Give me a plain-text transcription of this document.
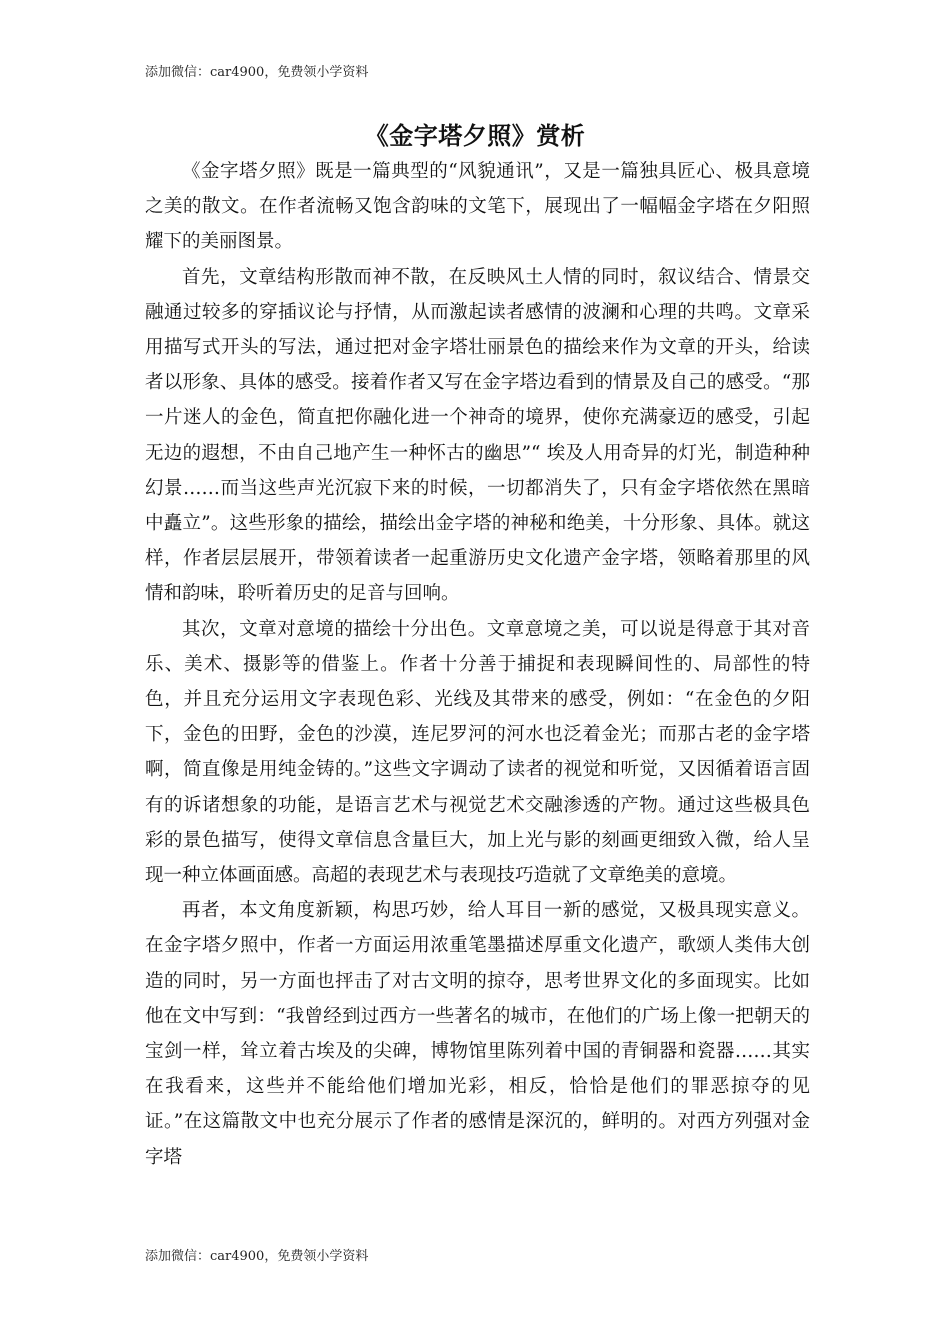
添加微信：car4900，免费领小学资料
《金字塔夕照》赏析

《金字塔夕照》既是一篇典型的“风貌通讯”，又是一篇独具匠心、极具意境之美的散文。在作者流畅又饱含韵味的文笔下，展现出了一幅幅金字塔在夕阳照耀下的美丽图景。

首先，文章结构形散而神不散，在反映风土人情的同时，叙议结合、情景交融通过较多的穿插议论与抒情，从而激起读者感情的波澜和心理的共鸣。文章采用描写式开头的写法，通过把对金字塔壮丽景色的描绘来作为文章的开头，给读者以形象、具体的感受。接着作者又写在金字塔边看到的情景及自己的感受。“那一片迷人的金色，简直把你融化进一个神奇的境界，使你充满豪迈的感受，引起无边的遐想，不由自己地产生一种怀古的幽思”“ 埃及人用奇异的灯光，制造种种幻景……而当这些声光沉寂下来的时候，一切都消失了，只有金字塔依然在黑暗中矗立”。这些形象的描绘，描绘出金字塔的神秘和绝美，十分形象、具体。就这样，作者层层展开，带领着读者一起重游历史文化遗产金字塔，领略着那里的风情和韵味，聆听着历史的足音与回响。

其次，文章对意境的描绘十分出色。文章意境之美，可以说是得意于其对音乐、美术、摄影等的借鉴上。作者十分善于捕捉和表现瞬间性的、局部性的特色，并且充分运用文字表现色彩、光线及其带来的感受，例如：“在金色的夕阳下，金色的田野，金色的沙漠，连尼罗河的河水也泛着金光；而那古老的金字塔啊，简直像是用纯金铸的。”这些文字调动了读者的视觉和听觉，又因循着语言固有的诉诸想象的功能，是语言艺术与视觉艺术交融渗透的产物。通过这些极具色彩的景色描写，使得文章信息含量巨大，加上光与影的刻画更细致入微，给人呈现一种立体画面感。高超的表现艺术与表现技巧造就了文章绝美的意境。

再者，本文角度新颖，构思巧妙，给人耳目一新的感觉，又极具现实意义。 在金字塔夕照中，作者一方面运用浓重笔墨描述厚重文化遗产，歌颂人类伟大创造的同时，另一方面也抨击了对古文明的掠夺，思考世界文化的多面现实。比如他在文中写到：“我曾经到过西方一些著名的城市，在他们的广场上像一把朝天的宝剑一样，耸立着古埃及的尖碑，博物馆里陈列着中国的青铜器和瓷器……其实在我看来，这些并不能给他们增加光彩，相反，恰恰是他们的罪恶掠夺的见证。”在这篇散文中也充分展示了作者的感情是深沉的，鲜明的。对西方列强对金字塔

添加微信：car4900，免费领小学资料
